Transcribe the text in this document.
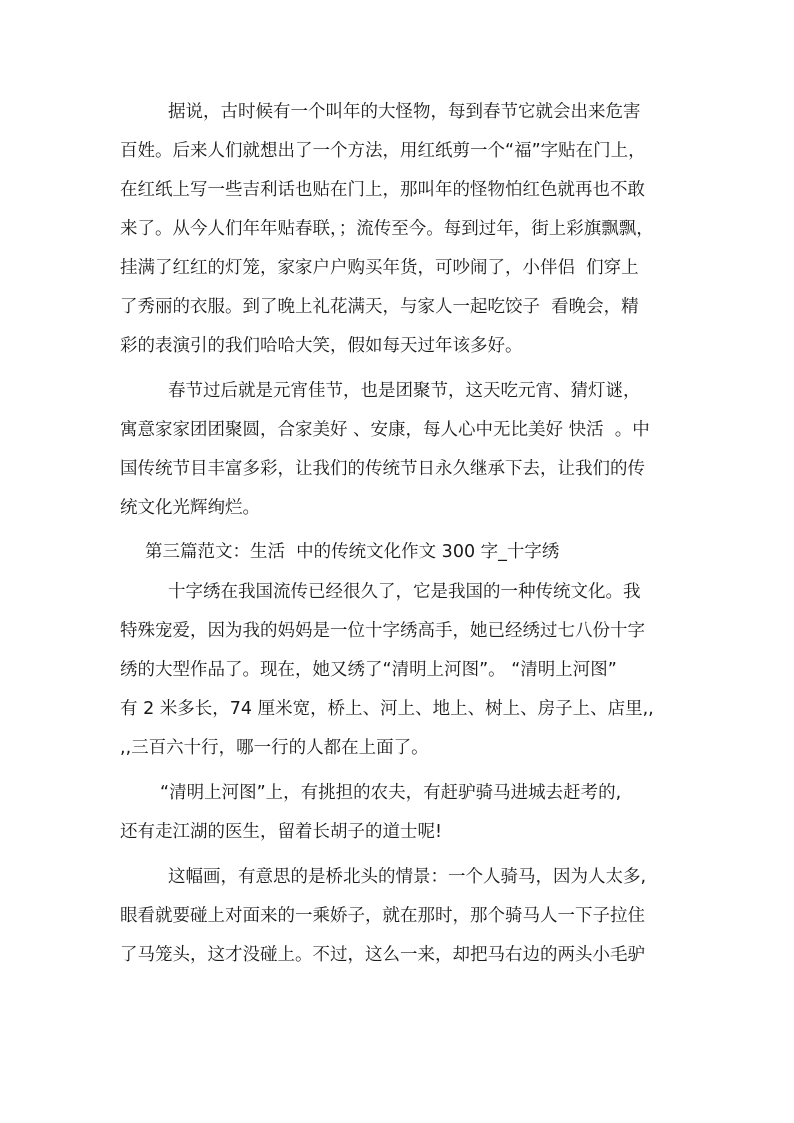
据说，古时候有一个叫年的大怪物，每到春节它就会出来危害
百姓。后来人们就想出了一个方法，用红纸剪一个“福”字贴在门上，
在红纸上写一些吉利话也贴在门上，那叫年的怪物怕红色就再也不敢
来了。从今人们年年贴春联，；流传至今。每到过年，街上彩旗飘飘，
挂满了红红的灯笼，家家户户购买年货，可吵闹了，小伴侣  们穿上
了秀丽的衣服。到了晚上礼花满天，与家人一起吃饺子  看晚会，精
彩的表演引的我们哈哈大笑，假如每天过年该多好。
春节过后就是元宵佳节，也是团聚节，这天吃元宵、猜灯谜，
寓意家家团团聚圆，合家美好 、安康，每人心中无比美好 快活  。中
国传统节目丰富多彩，让我们的传统节日永久继承下去，让我们的传
统文化光辉绚烂。
第三篇范文：生活  中的传统文化作文 300 字_十字绣
十字绣在我国流传已经很久了，它是我国的一种传统文化。我
特殊宠爱，因为我的妈妈是一位十字绣高手，她已经绣过七八份十字
绣的大型作品了。现在，她又绣了“清明上河图”。 “清明上河图”
有 2 米多长，74 厘米宽，桥上、河上、地上、树上、房子上、店里,,
,,三百六十行，哪一行的人都在上面了。
“清明上河图”上，有挑担的农夫，有赶驴骑马进城去赶考的,
还有走江湖的医生，留着长胡子的道士呢!
这幅画，有意思的是桥北头的情景：一个人骑马，因为人太多,
眼看就要碰上对面来的一乘娇子，就在那时，那个骑马人一下子拉住
了马笼头，这才没碰上。不过，这么一来，却把马右边的两头小毛驴
